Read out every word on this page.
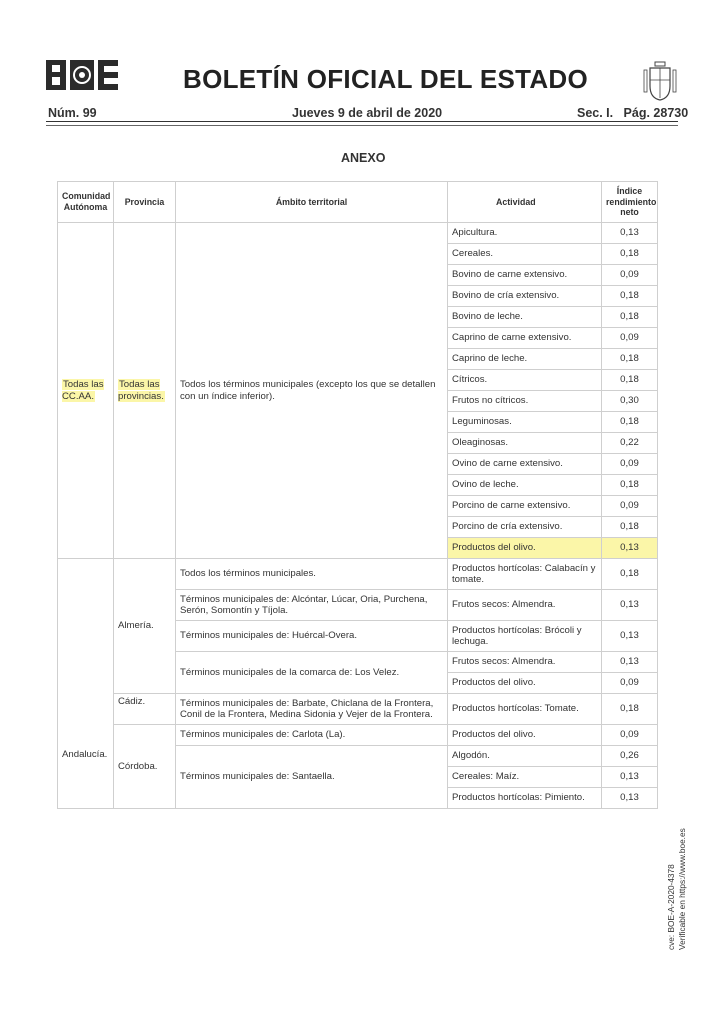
BOLETÍN OFICIAL DEL ESTADO
Núm. 99	Jueves 9 de abril de 2020	Sec. I.   Pág. 28730
ANEXO
Comunidad Autónoma	Provincia	Ámbito territorial	Actividad	Índice rendimiento neto
Todas las CC.AA.	Todas las provincias.	Todos los términos municipales (excepto los que se detallen con un índice inferior).	Apicultura.	0,13
			Cereales.	0,18
			Bovino de carne extensivo.	0,09
			Bovino de cría extensivo.	0,18
			Bovino de leche.	0,18
			Caprino de carne extensivo.	0,09
			Caprino de leche.	0,18
			Cítricos.	0,18
			Frutos no cítricos.	0,30
			Leguminosas.	0,18
			Oleaginosas.	0,22
			Ovino de carne extensivo.	0,09
			Ovino de leche.	0,18
			Porcino de carne extensivo.	0,09
			Porcino de cría extensivo.	0,18
			Productos del olivo.	0,13
Andalucía.	Almería.	Todos los términos municipales.	Productos hortícolas: Calabacín y tomate.	0,18
		Términos municipales de: Alcóntar, Lúcar, Oria, Purchena, Serón, Somontín y Tíjola.	Frutos secos: Almendra.	0,13
		Términos municipales de: Huércal-Overa.	Productos hortícolas: Brócoli y lechuga.	0,13
		Términos municipales de la comarca de: Los Velez.	Frutos secos: Almendra.	0,13
			Productos del olivo.	0,09
	Cádiz.	Términos municipales de: Barbate, Chiclana de la Frontera, Conil de la Frontera, Medina Sidonia y Vejer de la Frontera.	Productos hortícolas: Tomate.	0,18
	Córdoba.	Términos municipales de: Carlota (La).	Productos del olivo.	0,09
		Términos municipales de: Santaella.	Algodón.	0,26
			Cereales: Maíz.	0,13
			Productos hortícolas: Pimiento.	0,13
cve: BOE-A-2020-4378 Verificable en https://www.boe.es
